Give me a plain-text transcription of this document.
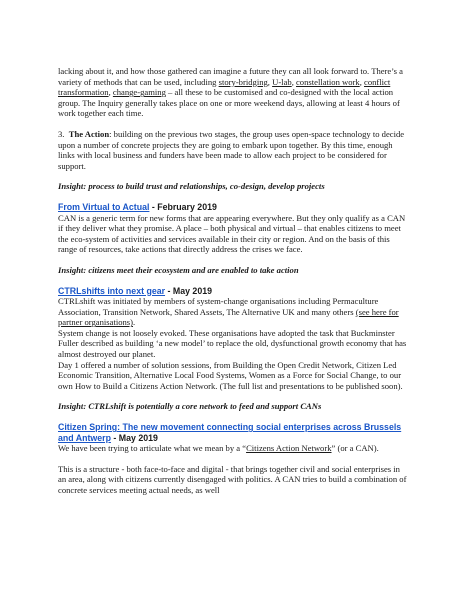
lacking about it, and how those gathered can imagine a future they can all look forward to. There’s a variety of methods that can be used, including story-bridging, U-lab, constellation work, conflict transformation, change-gaming – all these to be customised and co-designed with the local action group. The Inquiry generally takes place on one or more weekend days, allowing at least 4 hours of work together each time.

3. The Action: building on the previous two stages, the group uses open-space technology to decide upon a number of concrete projects they are going to embark upon together. By this time, enough links with local business and funders have been made to allow each project to be considered for support.

Insight: process to build trust and relationships, co-design, develop projects

From Virtual to Actual - February 2019

CAN is a generic term for new forms that are appearing everywhere. But they only qualify as a CAN if they deliver what they promise. A place – both physical and virtual – that enables citizens to meet the eco-system of activities and services available in their city or region. And on the basis of this range of resources, take actions that directly address the crises we face.

Insight: citizens meet their ecosystem and are enabled to take action

CTRLshifts into next gear - May 2019

CTRLshift was initiated by members of system-change organisations including Permaculture Association, Transition Network, Shared Assets, The Alternative UK and many others (see here for partner organisations).

System change is not loosely evoked. These organisations have adopted the task that Buckminster Fuller described as building ‘a new model’ to replace the old, dysfunctional growth economy that has almost destroyed our planet.

Day 1 offered a number of solution sessions, from Building the Open Credit Network, Citizen Led Economic Transition, Alternative Local Food Systems, Women as a Force for Social Change, to our own How to Build a Citizens Action Network. (The full list and presentations to be published soon).

Insight: CTRLshift is potentially a core network to feed and support CANs

Citizen Spring: The new movement connecting social enterprises across Brussels and Antwerp - May 2019

We have been trying to articulate what we mean by a “Citizens Action Network” (or a CAN).

This is a structure - both face-to-face and digital - that brings together civil and social enterprises in an area, along with citizens currently disengaged with politics. A CAN tries to build a combination of concrete services meeting actual needs, as well
